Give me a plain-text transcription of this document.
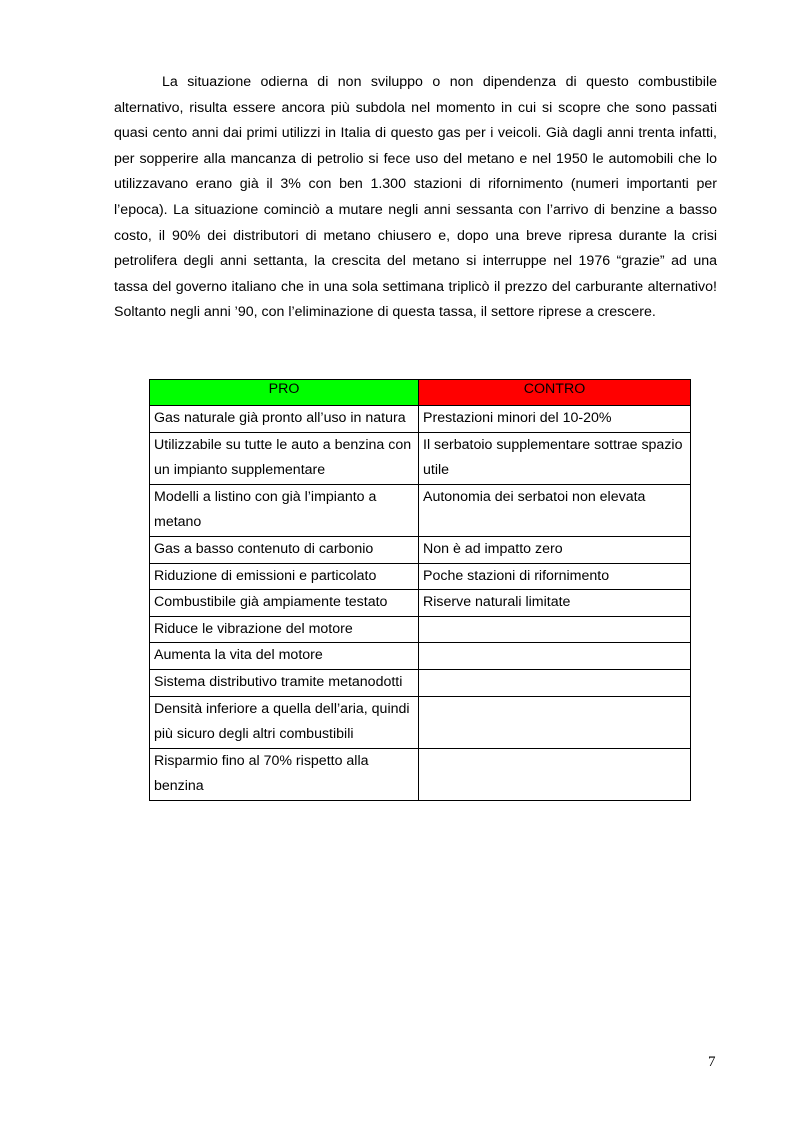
La situazione odierna di non sviluppo o non dipendenza di questo combustibile alternativo, risulta essere ancora più subdola nel momento in cui si scopre che sono passati quasi cento anni dai primi utilizzi in Italia di questo gas per i veicoli. Già dagli anni trenta infatti, per sopperire alla mancanza di petrolio si fece uso del metano e nel 1950 le automobili che lo utilizzavano erano già il 3% con ben 1.300 stazioni di rifornimento (numeri importanti per l’epoca). La situazione cominciò a mutare negli anni sessanta con l’arrivo di benzine a basso costo, il 90% dei distributori di metano chiusero e, dopo una breve ripresa durante la crisi petrolifera degli anni settanta, la crescita del metano si interruppe nel 1976 “grazie” ad una tassa del governo italiano che in una sola settimana triplicò il prezzo del carburante alternativo! Soltanto negli anni ’90, con l’eliminazione di questa tassa, il settore riprese a crescere.

PRO	CONTRO
Gas naturale già pronto all’uso in natura	Prestazioni minori del 10-20%
Utilizzabile su tutte le auto a benzina con un impianto supplementare	Il serbatoio supplementare sottrae spazio utile
Modelli a listino con già l’impianto a metano	Autonomia dei serbatoi non elevata
Gas a basso contenuto di carbonio	Non è ad impatto zero
Riduzione di emissioni e particolato	Poche stazioni di rifornimento
Combustibile già ampiamente testato	Riserve naturali limitate
Riduce le vibrazione del motore	
Aumenta la vita del motore	
Sistema distributivo tramite metanodotti	
Densità inferiore a quella dell’aria, quindi più sicuro degli altri combustibili	
Risparmio fino al 70% rispetto alla benzina	
7
